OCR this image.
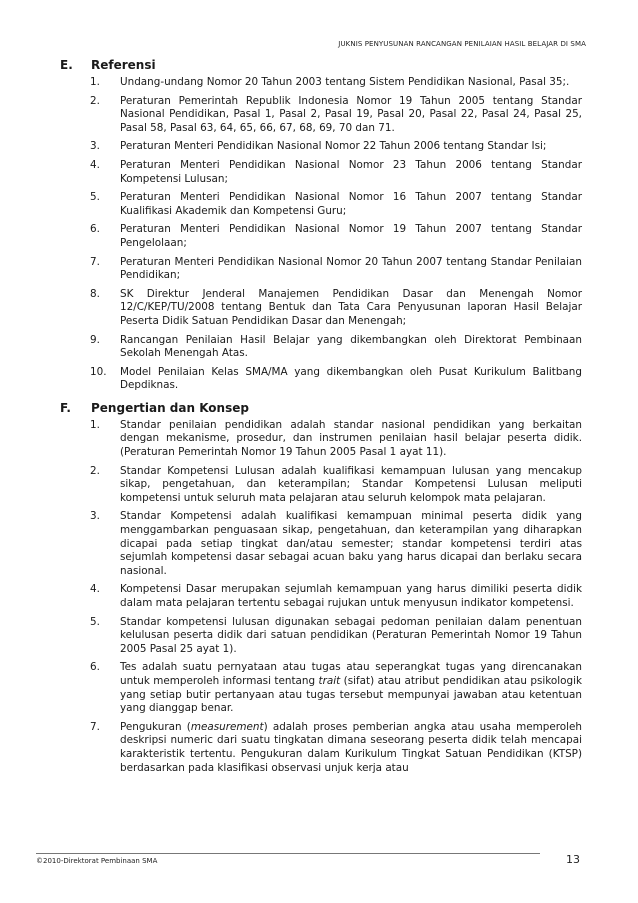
JUKNIS PENYUSUNAN RANCANGAN PENILAIAN HASIL BELAJAR DI SMA
E.	Referensi
1.	Undang-undang Nomor 20 Tahun 2003 tentang Sistem Pendidikan Nasional, Pasal 35;.
2.	Peraturan Pemerintah Republik Indonesia Nomor 19 Tahun 2005 tentang Standar Nasional Pendidikan, Pasal 1, Pasal 2, Pasal 19, Pasal 20, Pasal 22, Pasal 24, Pasal 25, Pasal 58, Pasal 63, 64, 65, 66, 67, 68, 69, 70 dan 71.
3.	Peraturan Menteri Pendidikan Nasional Nomor 22 Tahun 2006 tentang Standar Isi;
4.	Peraturan Menteri Pendidikan Nasional Nomor 23 Tahun 2006 tentang Standar Kompetensi Lulusan;
5.	Peraturan Menteri Pendidikan Nasional Nomor 16 Tahun 2007 tentang Standar Kualifikasi Akademik dan Kompetensi Guru;
6.	Peraturan Menteri Pendidikan Nasional Nomor 19 Tahun 2007 tentang Standar Pengelolaan;
7.	Peraturan Menteri Pendidikan Nasional Nomor 20 Tahun 2007 tentang Standar Penilaian Pendidikan;
8.	SK Direktur Jenderal Manajemen Pendidikan Dasar dan Menengah Nomor 12/C/KEP/TU/2008 tentang Bentuk dan Tata Cara Penyusunan laporan Hasil Belajar Peserta Didik Satuan Pendidikan Dasar dan Menengah;
9.	Rancangan Penilaian Hasil Belajar yang dikembangkan oleh Direktorat Pembinaan Sekolah Menengah Atas.
10.	Model Penilaian Kelas SMA/MA yang dikembangkan oleh Pusat Kurikulum Balitbang Depdiknas.
F.	Pengertian dan Konsep
1.	Standar penilaian pendidikan adalah standar nasional pendidikan yang berkaitan dengan mekanisme, prosedur, dan instrumen penilaian hasil belajar peserta didik. (Peraturan Pemerintah Nomor 19 Tahun 2005 Pasal 1 ayat 11).
2.	Standar Kompetensi Lulusan adalah kualifikasi kemampuan lulusan yang mencakup sikap, pengetahuan, dan keterampilan; Standar Kompetensi Lulusan meliputi kompetensi untuk seluruh mata pelajaran atau seluruh kelompok mata pelajaran.
3.	Standar Kompetensi adalah kualifikasi kemampuan minimal peserta didik yang menggambarkan penguasaan sikap, pengetahuan, dan keterampilan yang diharapkan dicapai pada setiap tingkat dan/atau semester; standar kompetensi terdiri atas sejumlah kompetensi dasar sebagai acuan baku yang harus dicapai dan berlaku secara nasional.
4.	Kompetensi Dasar merupakan sejumlah kemampuan yang harus dimiliki peserta didik dalam mata pelajaran tertentu sebagai rujukan untuk menyusun indikator kompetensi.
5.	Standar kompetensi lulusan digunakan sebagai pedoman penilaian dalam penentuan kelulusan peserta didik dari satuan pendidikan (Peraturan Pemerintah Nomor 19 Tahun 2005 Pasal 25 ayat 1).
6.	Tes adalah suatu pernyataan atau tugas atau seperangkat tugas yang direncanakan untuk memperoleh informasi tentang trait (sifat) atau atribut pendidikan atau psikologik yang setiap butir pertanyaan atau tugas tersebut mempunyai jawaban atau ketentuan yang dianggap benar.
7.	Pengukuran (measurement) adalah proses pemberian angka atau usaha memperoleh deskripsi numeric dari suatu tingkatan dimana seseorang peserta didik telah mencapai karakteristik tertentu. Pengukuran dalam Kurikulum Tingkat Satuan Pendidikan (KTSP) berdasarkan pada klasifikasi observasi unjuk kerja atau
©2010-Direktorat Pembinaan SMA	13
